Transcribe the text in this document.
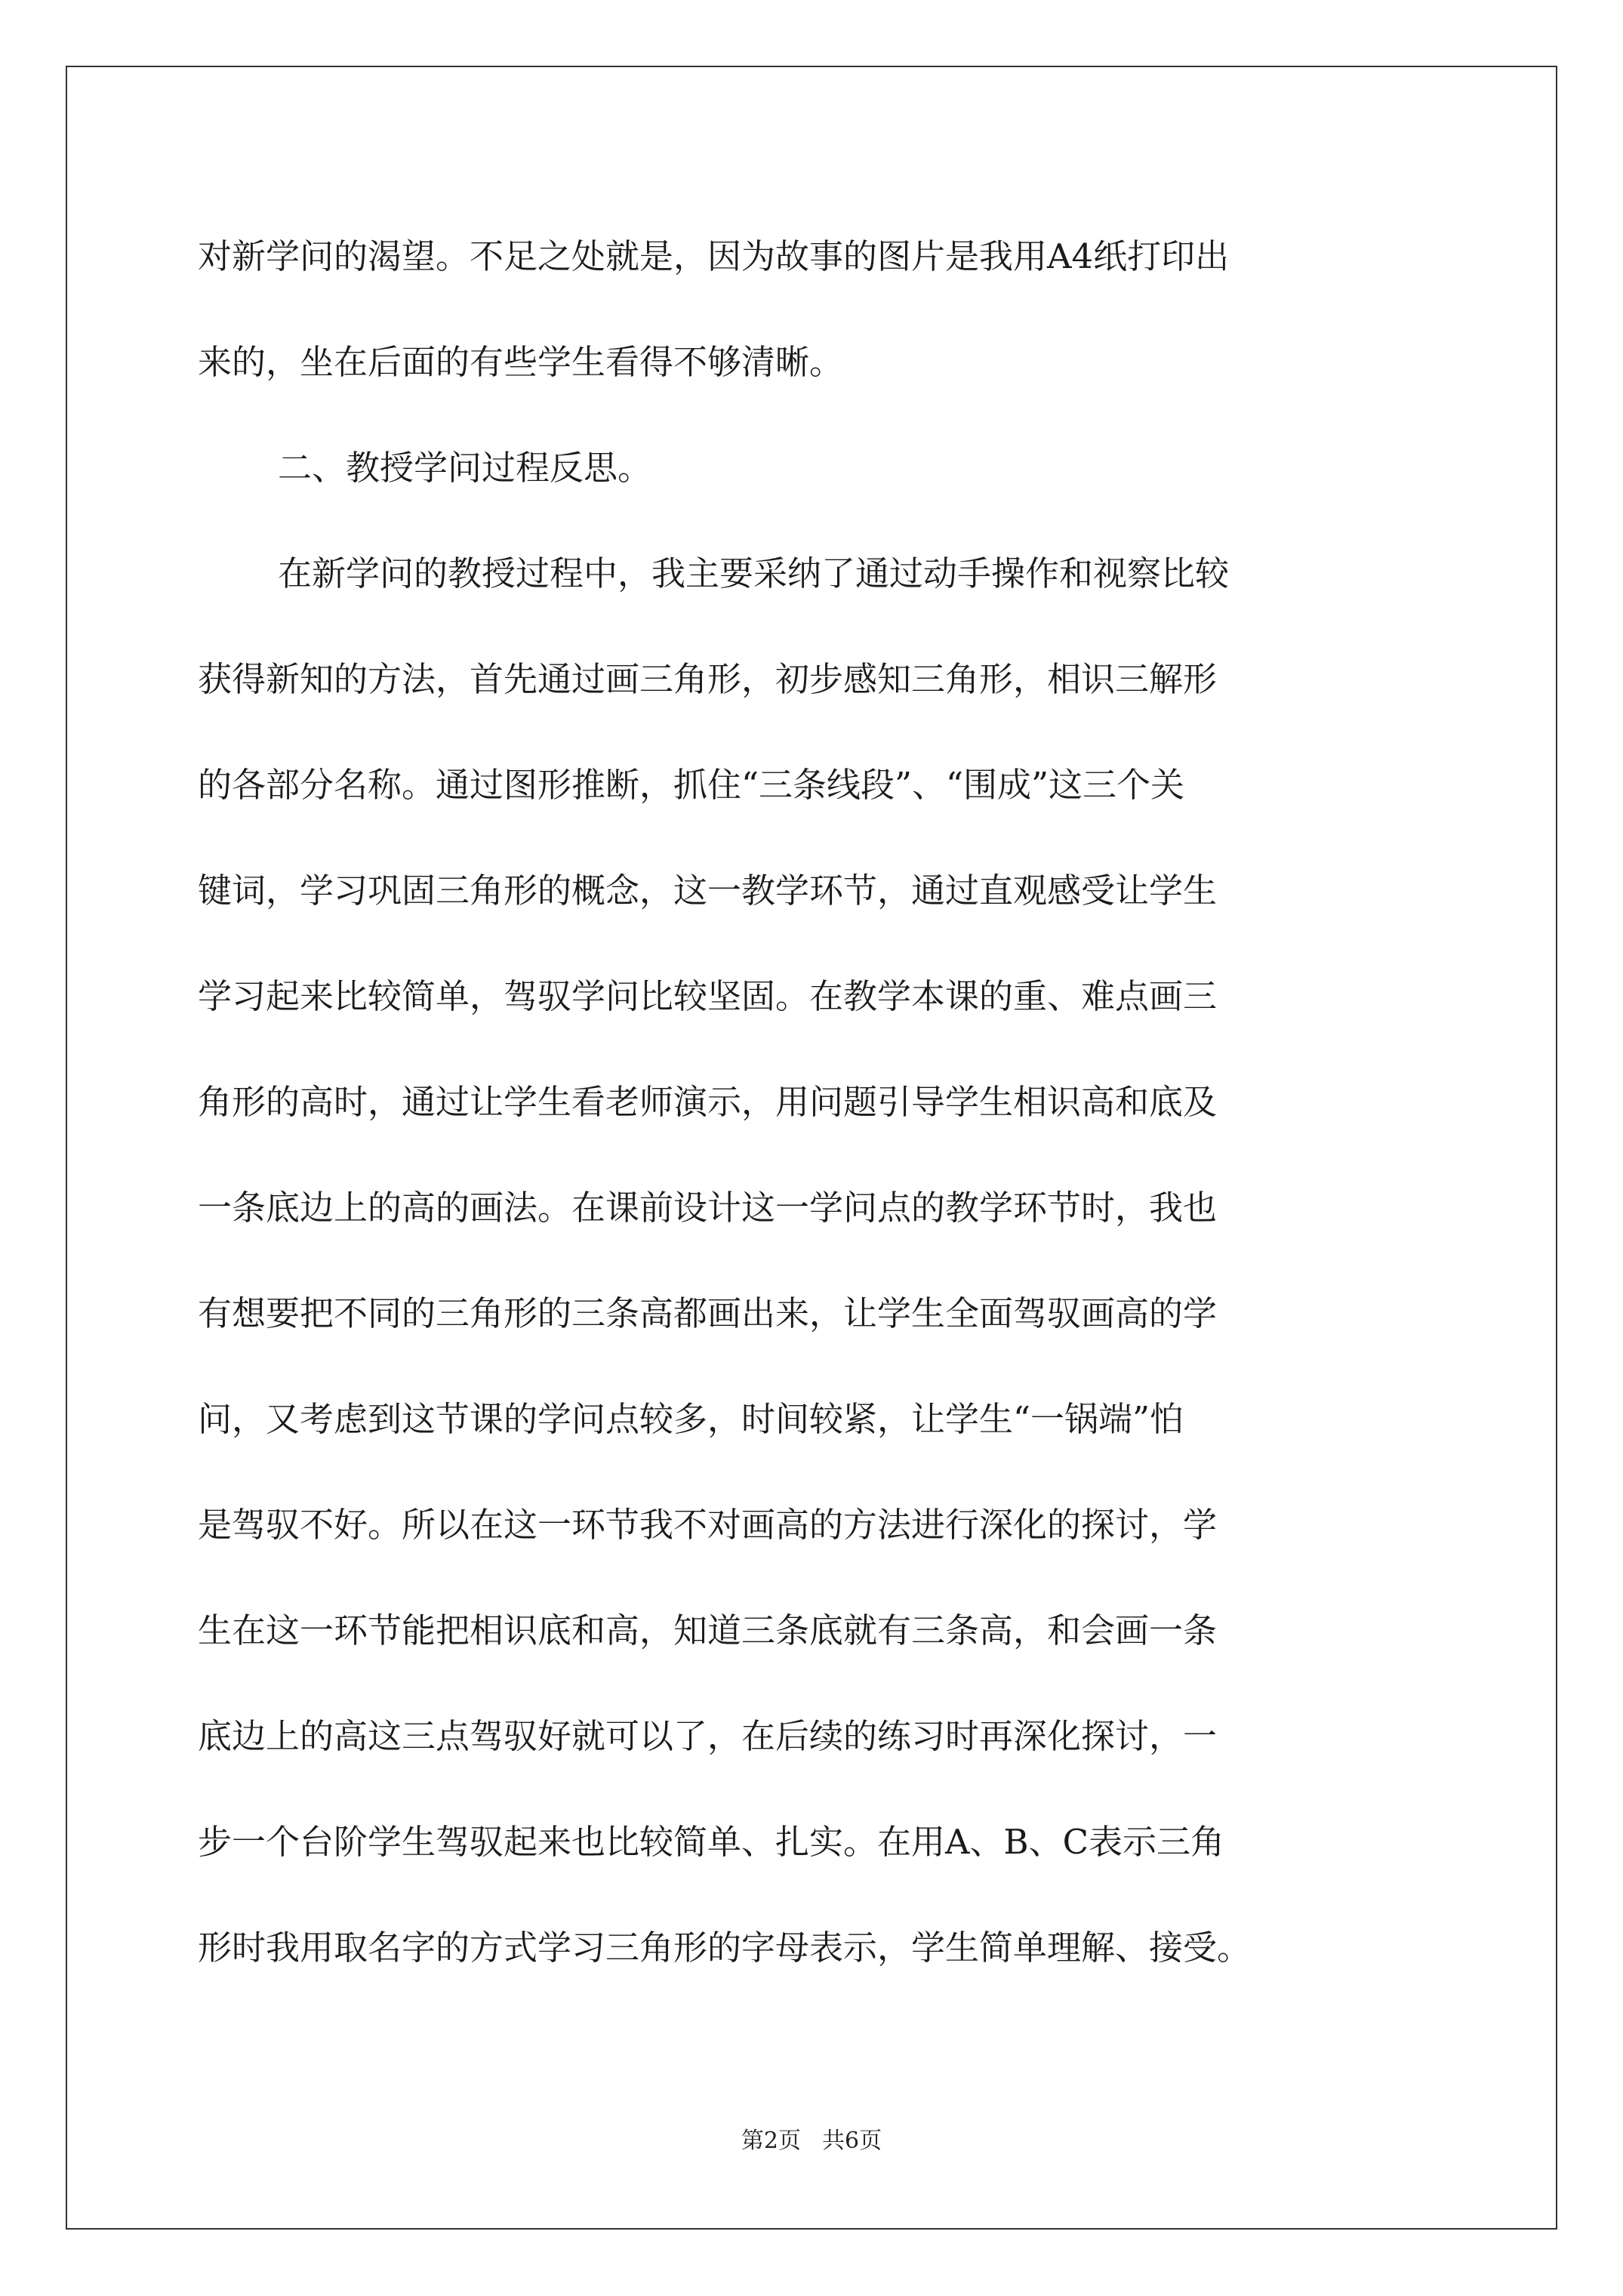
对新学问的渴望。不足之处就是，因为故事的图片是我用A4纸打印出
来的，坐在后面的有些学生看得不够清晰。
二、教授学问过程反思。
在新学问的教授过程中，我主要采纳了通过动手操作和视察比较
获得新知的方法，首先通过画三角形，初步感知三角形，相识三解形
的各部分名称。通过图形推断，抓住“三条线段”、“围成”这三个关
键词，学习巩固三角形的概念，这一教学环节，通过直观感受让学生
学习起来比较简单，驾驭学问比较坚固。在教学本课的重、难点画三
角形的高时，通过让学生看老师演示，用问题引导学生相识高和底及
一条底边上的高的画法。在课前设计这一学问点的教学环节时，我也
有想要把不同的三角形的三条高都画出来，让学生全面驾驭画高的学
问，又考虑到这节课的学问点较多，时间较紧，让学生“一锅端”怕
是驾驭不好。所以在这一环节我不对画高的方法进行深化的探讨，学
生在这一环节能把相识底和高，知道三条底就有三条高，和会画一条
底边上的高这三点驾驭好就可以了，在后续的练习时再深化探讨，一
步一个台阶学生驾驭起来也比较简单、扎实。在用A、B、C表示三角
形时我用取名字的方式学习三角形的字母表示，学生简单理解、接受。
第2页 共6页
